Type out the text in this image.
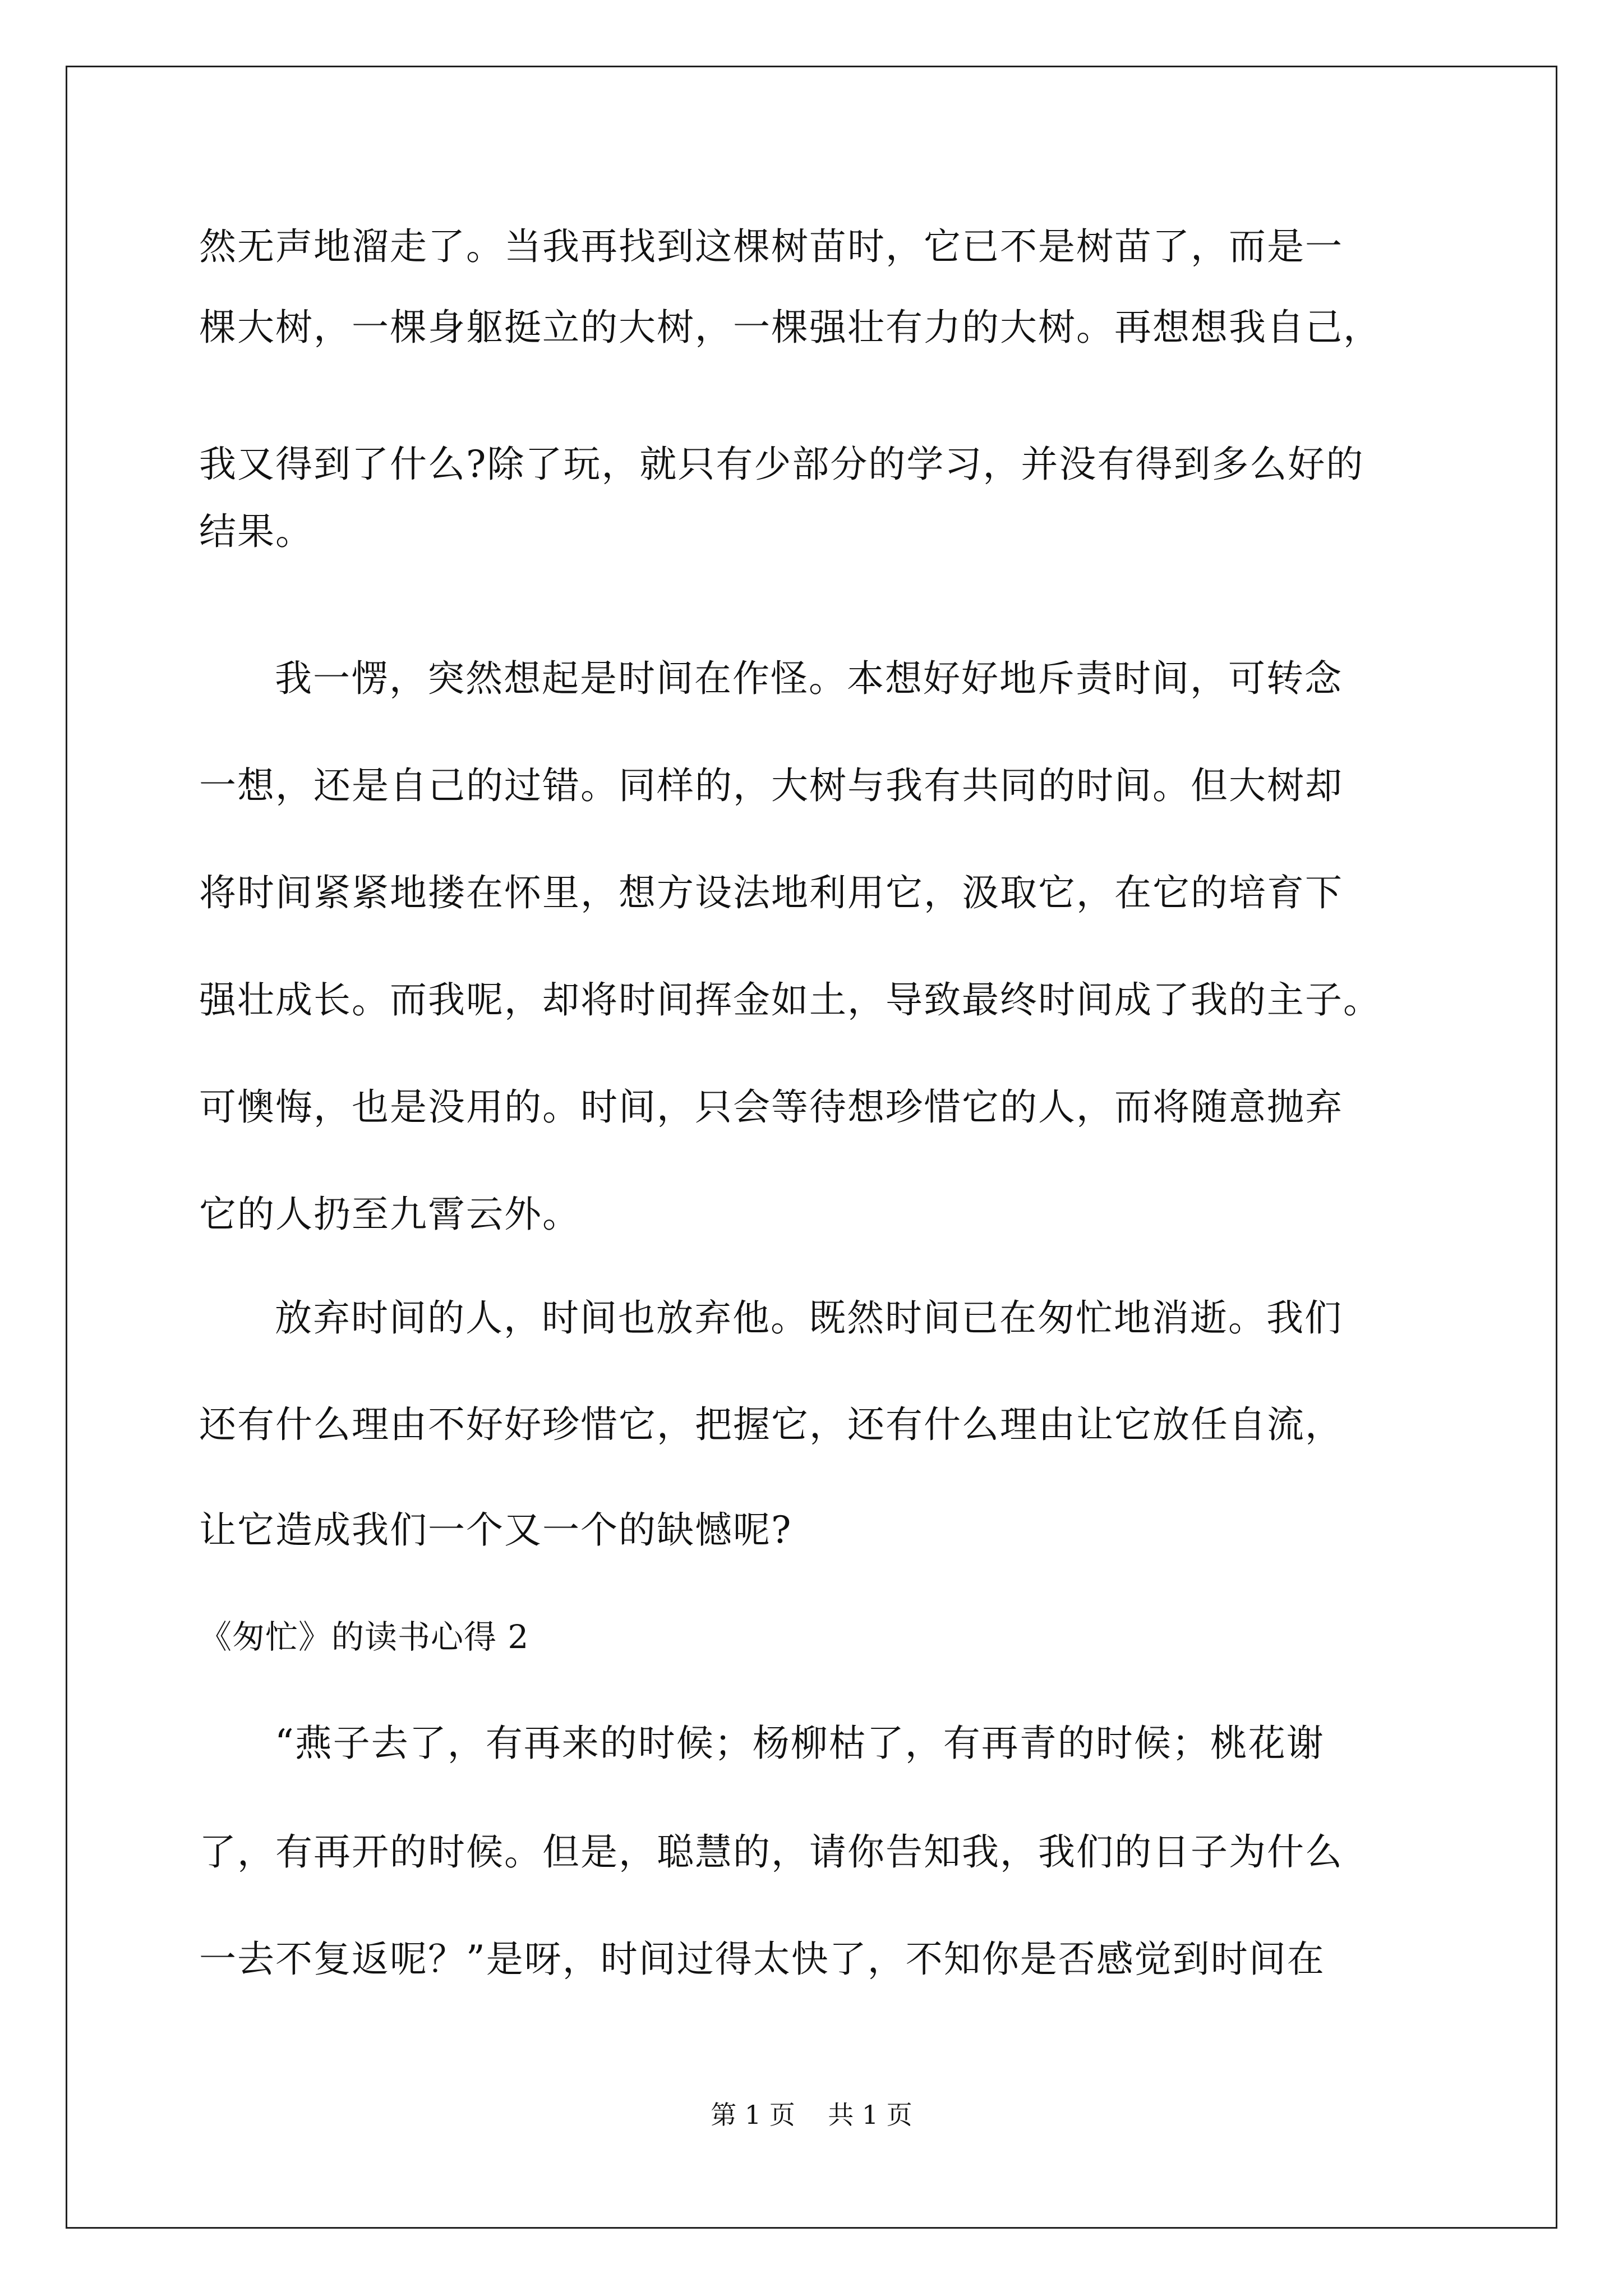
然无声地溜走了。当我再找到这棵树苗时，它已不是树苗了，而是一
棵大树，一棵身躯挺立的大树，一棵强壮有力的大树。再想想我自己，
我又得到了什么?除了玩，就只有少部分的学习，并没有得到多么好的
结果。
我一愣，突然想起是时间在作怪。本想好好地斥责时间，可转念
一想，还是自己的过错。同样的，大树与我有共同的时间。但大树却
将时间紧紧地搂在怀里，想方设法地利用它，汲取它，在它的培育下
强壮成长。而我呢，却将时间挥金如土，导致最终时间成了我的主子。
可懊悔，也是没用的。时间，只会等待想珍惜它的人，而将随意抛弃
它的人扔至九霄云外。
放弃时间的人，时间也放弃他。既然时间已在匆忙地消逝。我们
还有什么理由不好好珍惜它，把握它，还有什么理由让它放任自流，
让它造成我们一个又一个的缺憾呢?
《匆忙》的读书心得 2
“燕子去了，有再来的时候；杨柳枯了，有再青的时候；桃花谢
了，有再开的时候。但是，聪慧的，请你告知我，我们的日子为什么
一去不复返呢？”是呀，时间过得太快了，不知你是否感觉到时间在
第 1 页    共 1 页
